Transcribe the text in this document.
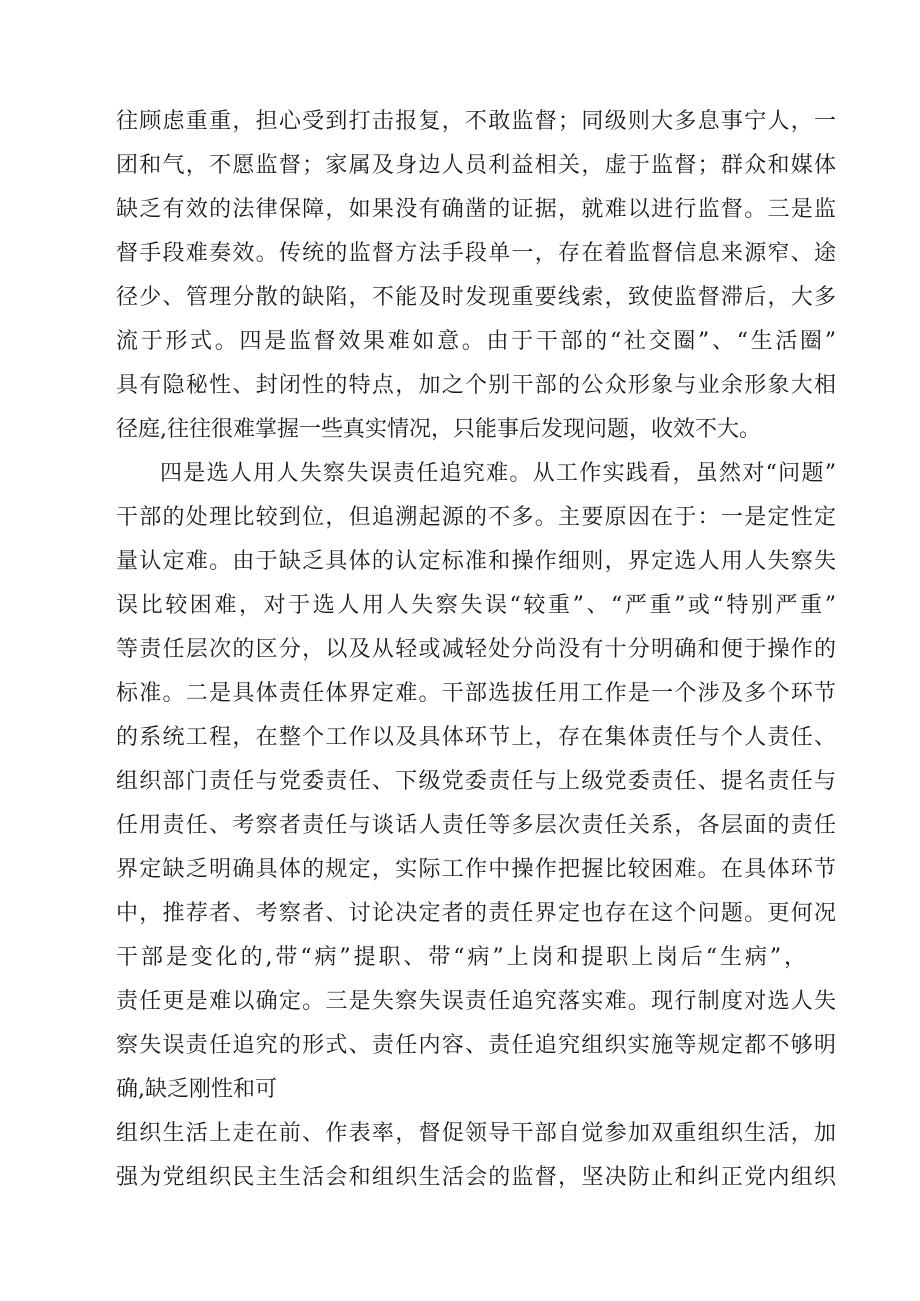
往顾虑重重，担心受到打击报复，不敢监督；同级则大多息事宁人，一
团和气，不愿监督；家属及身边人员利益相关，虚于监督；群众和媒体
缺乏有效的法律保障，如果没有确凿的证据，就难以进行监督。三是监
督手段难奏效。传统的监督方法手段单一，存在着监督信息来源窄、途
径少、管理分散的缺陷，不能及时发现重要线索，致使监督滞后，大多
流于形式。四是监督效果难如意。由于干部的“社交圈”、“生活圈”
具有隐秘性、封闭性的特点，加之个别干部的公众形象与业余形象大相
径庭,往往很难掌握一些真实情况，只能事后发现问题，收效不大。
四是选人用人失察失误责任追究难。从工作实践看，虽然对“问题”
干部的处理比较到位，但追溯起源的不多。主要原因在于：一是定性定
量认定难。由于缺乏具体的认定标准和操作细则，界定选人用人失察失
误比较困难，对于选人用人失察失误“较重”、“严重”或“特别严重”
等责任层次的区分，以及从轻或减轻处分尚没有十分明确和便于操作的
标准。二是具体责任体界定难。干部选拔任用工作是一个涉及多个环节
的系统工程，在整个工作以及具体环节上，存在集体责任与个人责任、
组织部门责任与党委责任、下级党委责任与上级党委责任、提名责任与
任用责任、考察者责任与谈话人责任等多层次责任关系，各层面的责任
界定缺乏明确具体的规定，实际工作中操作把握比较困难。在具体环节
中，推荐者、考察者、讨论决定者的责任界定也存在这个问题。更何况
干部是变化的,带“病”提职、带“病”上岗和提职上岗后“生病”，
责任更是难以确定。三是失察失误责任追究落实难。现行制度对选人失
察失误责任追究的形式、责任内容、责任追究组织实施等规定都不够明
确,缺乏刚性和可
组织生活上走在前、作表率，督促领导干部自觉参加双重组织生活，加
强为党组织民主生活会和组织生活会的监督，坚决防止和纠正党内组织
